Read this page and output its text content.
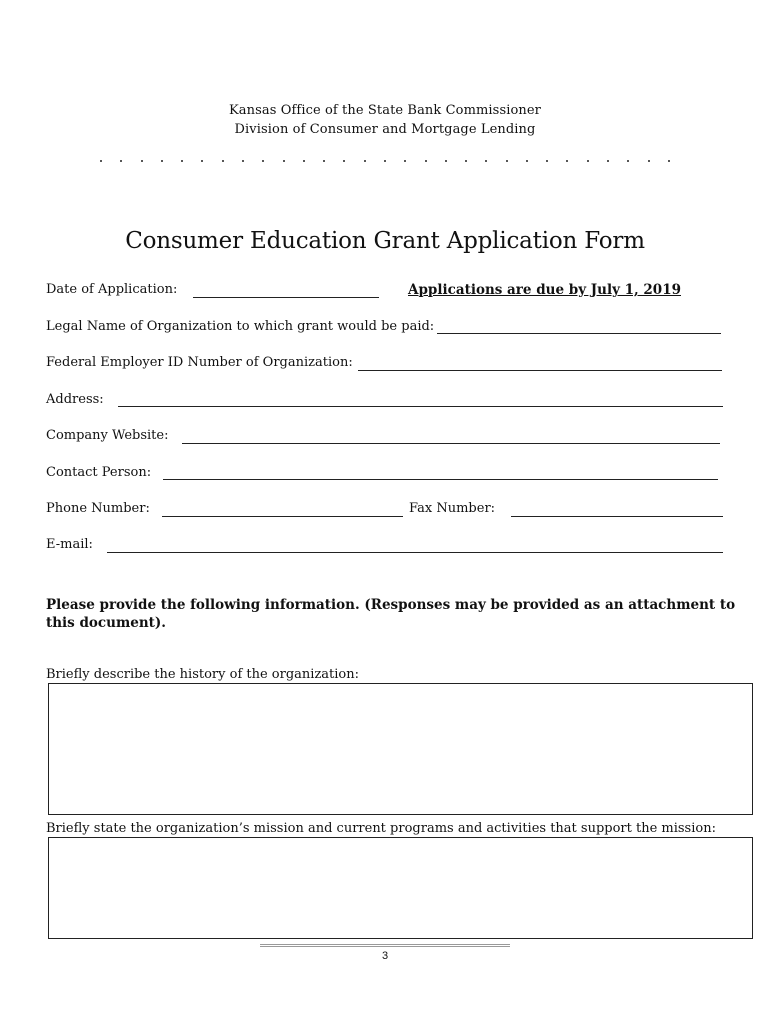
Kansas Office of the State Bank Commissioner
Division of Consumer and Mortgage Lending
Consumer Education Grant Application Form
Date of Application:	Applications are due by July 1, 2019
Legal Name of Organization to which grant would be paid:
Federal Employer ID Number of Organization:
Address:
Company Website:
Contact Person:
Phone Number:	Fax Number:
E-mail:
Please provide the following information. (Responses may be provided as an attachment to this document).
Briefly describe the history of the organization:
Briefly state the organization’s mission and current programs and activities that support the mission:
3
